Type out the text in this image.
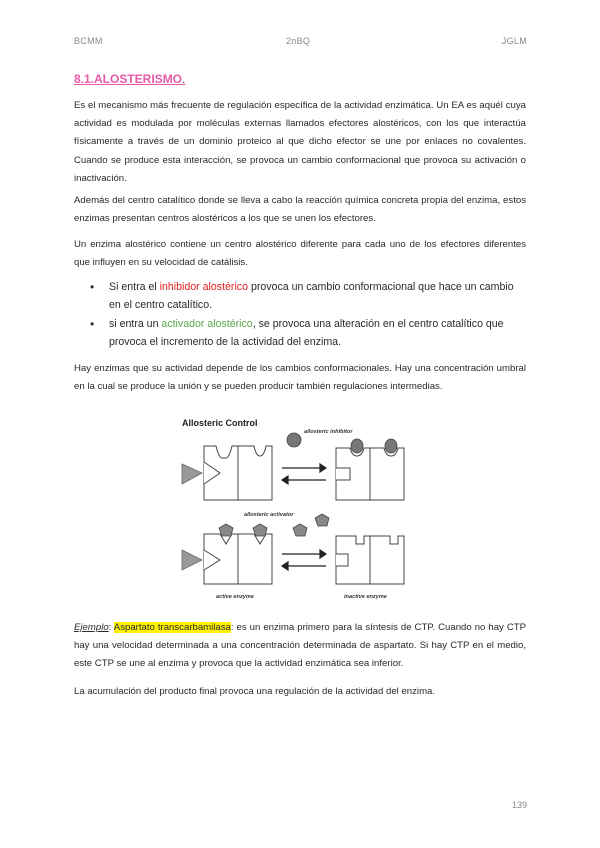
BCMM	2nBQ	JGLM
8.1.ALOSTERISMO.
Es el mecanismo más frecuente de regulación específica de la actividad enzimática. Un EA es aquél cuya actividad es modulada por moléculas externas llamados efectores alostéricos, con los que interactúa físicamente a través de un dominio proteico al que dicho efector se une por enlaces no covalentes. Cuando se produce esta interacción, se provoca un cambio conformacional que provoca su activación o inactivación.
Además del centro catalítico donde se lleva a cabo la reacción química concreta propia del enzima, estos enzimas presentan centros alostéricos a los que se unen los efectores.
Un enzima alostérico contiene un centro alostérico diferente para cada uno de los efectores diferentes que influyen en su velocidad de catálisis.
• Si entra el inhibidor alostérico provoca un cambio conformacional que hace un cambio en el centro catalítico.
• si entra un activador alostérico, se provoca una alteración en el centro catalítico que provoca el incremento de la actividad del enzima.
Hay enzimas que su actividad depende de los cambios conformacionales. Hay una concentración umbral en la cual se produce la unión y se pueden producir también regulaciones intermedias.
Allosteric Control
allosteric inhibitor
allosteric activator
active enzyme	inactive enzyme
Ejemplo: Aspartato transcarbamilasa: es un enzima primero para la síntesis de CTP. Cuando no hay CTP hay una velocidad determinada a una concentración determinada de aspartato. Si hay CTP en el medio, este CTP se une al enzima y provoca que la actividad enzimática sea inferior.
La acumulación del producto final provoca una regulación de la actividad del enzima.
139
